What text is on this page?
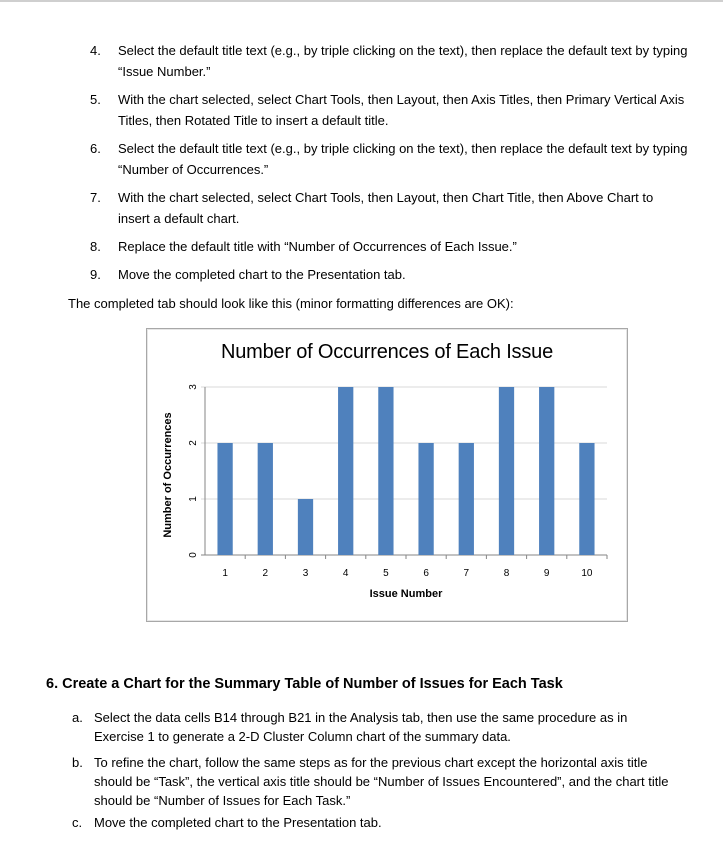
4.	Select the default title text (e.g., by triple clicking on the text), then replace the default text by typing “Issue Number.”
5.	With the chart selected, select Chart Tools, then Layout, then Axis Titles, then Primary Vertical Axis Titles, then Rotated Title to insert a default title.
6.	Select the default title text (e.g., by triple clicking on the text), then replace the default text by typing “Number of Occurrences.”
7.	With the chart selected, select Chart Tools, then Layout, then Chart Title, then Above Chart to insert a default chart.
8.	Replace the default title with “Number of Occurrences of Each Issue.”
9.	Move the completed chart to the Presentation tab.
The completed tab should look like this (minor formatting differences are OK):
Number of Occurrences of Each Issue
0
1
2
3
1	2	3	4	5	6	7	8	9	10
Issue Number
Number of Occurrences
6. Create a Chart for the Summary Table of Number of Issues for Each Task
a. Select the data cells B14 through B21 in the Analysis tab, then use the same procedure as in Exercise 1 to generate a 2-D Cluster Column chart of the summary data.
b. To refine the chart, follow the same steps as for the previous chart except the horizontal axis title should be “Task”, the vertical axis title should be “Number of Issues Encountered”, and the chart title should be “Number of Issues for Each Task.”
c. Move the completed chart to the Presentation tab.
